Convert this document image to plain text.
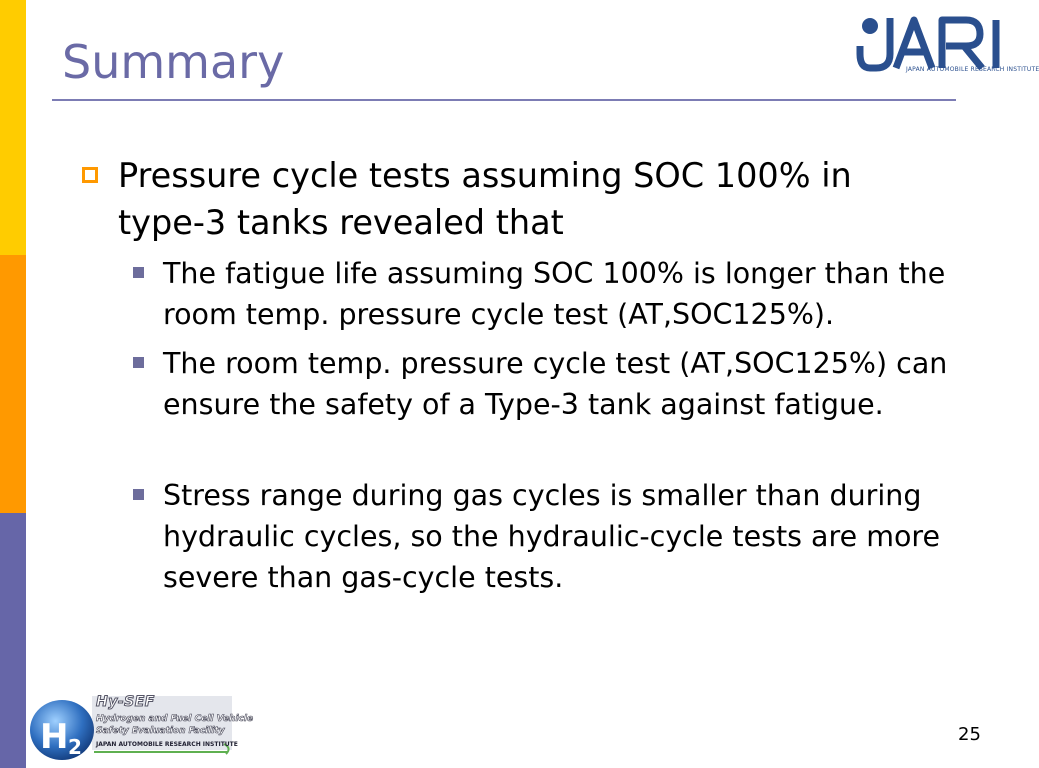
Summary	JAPAN AUTOMOBILE RESEARCH INSTITUTE
Pressure cycle tests assuming SOC 100% in type-3 tanks revealed that
The fatigue life assuming SOC 100% is longer than the room temp. pressure cycle test (AT,SOC125%).
The room temp. pressure cycle test (AT,SOC125%) can ensure the safety of a Type-3 tank against fatigue.
Stress range during gas cycles is smaller than during hydraulic cycles, so the hydraulic-cycle tests are more severe than gas-cycle tests.
H 2
Hy-SEF
Hydrogen and Fuel Cell Vehicle
Safety Evaluation Facility
JAPAN AUTOMOBILE RESEARCH INSTITUTE	25
